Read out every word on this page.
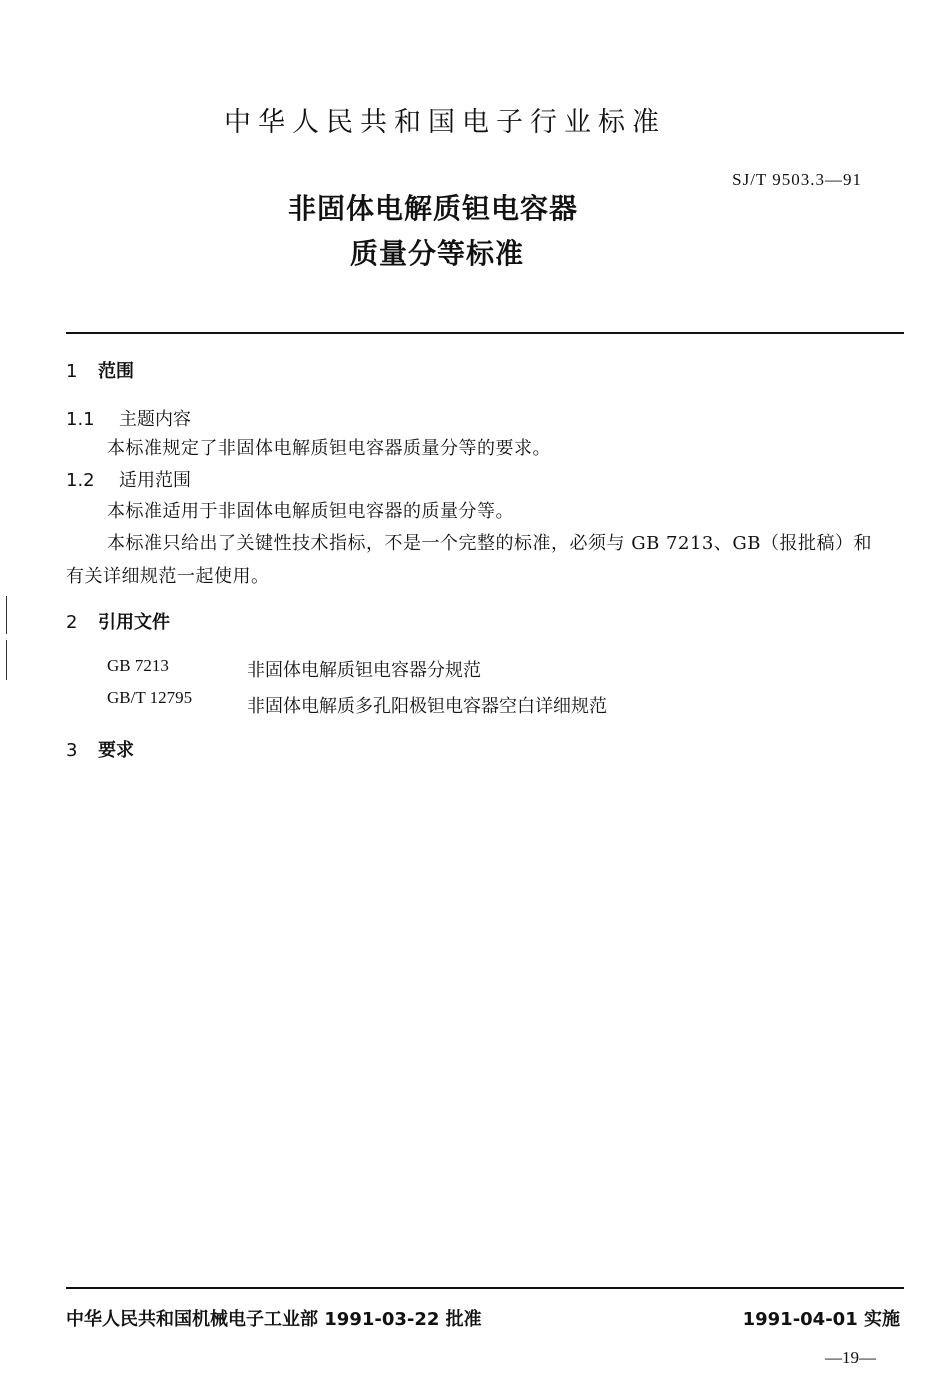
中华人民共和国电子行业标准
SJ/T 9503.3—91
非固体电解质钽电容器
质量分等标准
1 范围
1.1 主题内容
本标准规定了非固体电解质钽电容器质量分等的要求。
1.2 适用范围
本标准适用于非固体电解质钽电容器的质量分等。
本标准只给出了关键性技术指标，不是一个完整的标准，必须与 GB 7213、GB（报批稿）和
有关详细规范一起使用。
2 引用文件
GB 7213	非固体电解质钽电容器分规范
GB/T 12795	非固体电解质多孔阳极钽电容器空白详细规范
3 要求
中华人民共和国机械电子工业部 1991-03-22 批准	1991-04-01 实施
—19—
